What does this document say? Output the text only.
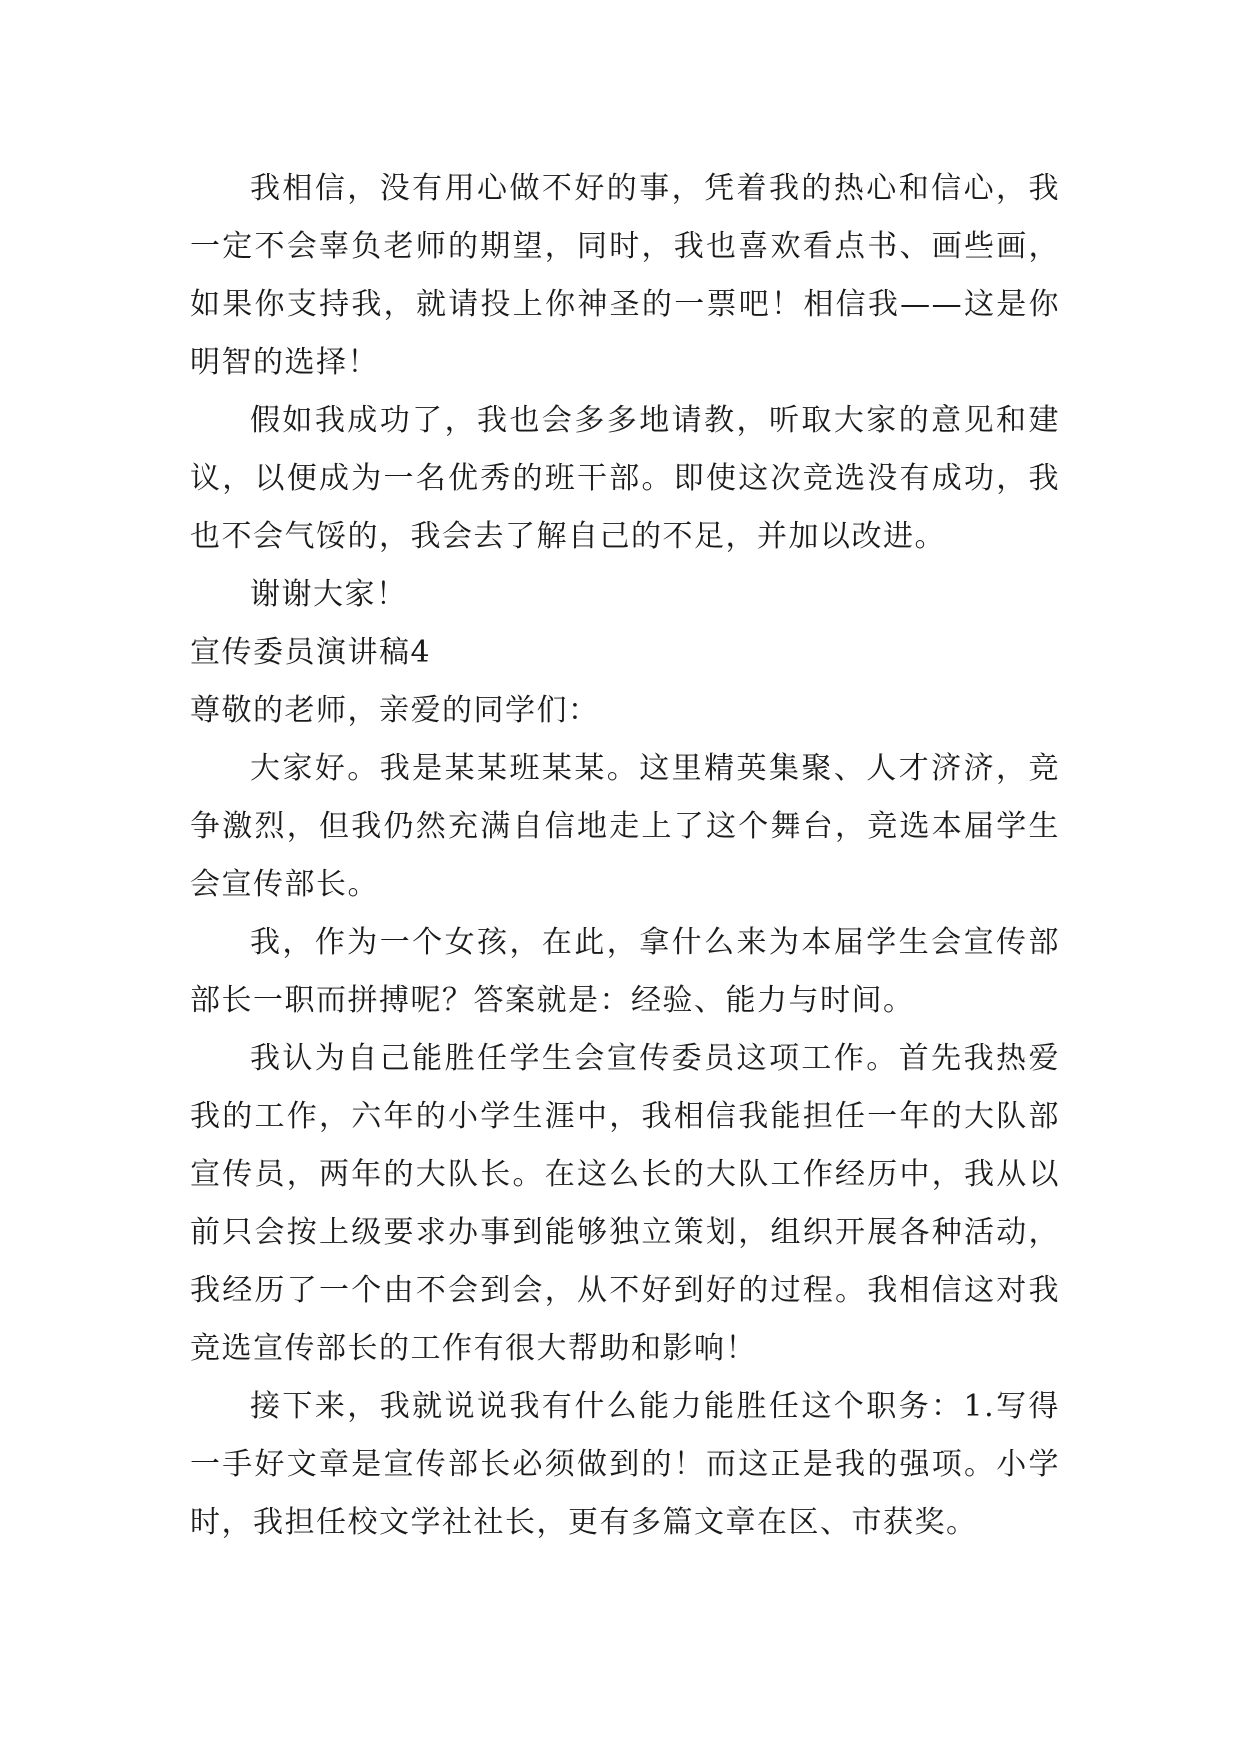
我相信，没有用心做不好的事，凭着我的热心和信心，我一定不会辜负老师的期望，同时，我也喜欢看点书、画些画，如果你支持我，就请投上你神圣的一票吧！相信我——这是你明智的选择！

假如我成功了，我也会多多地请教，听取大家的意见和建议，以便成为一名优秀的班干部。即使这次竞选没有成功，我也不会气馁的，我会去了解自己的不足，并加以改进。

谢谢大家！

宣传委员演讲稿4

尊敬的老师，亲爱的同学们：

大家好。我是某某班某某。这里精英集聚、人才济济，竞争激烈，但我仍然充满自信地走上了这个舞台，竞选本届学生会宣传部长。

我，作为一个女孩，在此，拿什么来为本届学生会宣传部部长一职而拼搏呢？答案就是：经验、能力与时间。

我认为自己能胜任学生会宣传委员这项工作。首先我热爱我的工作，六年的小学生涯中，我相信我能担任一年的大队部宣传员，两年的大队长。在这么长的大队工作经历中，我从以前只会按上级要求办事到能够独立策划，组织开展各种活动，我经历了一个由不会到会，从不好到好的过程。我相信这对我竞选宣传部长的工作有很大帮助和影响！

接下来，我就说说我有什么能力能胜任这个职务：1.写得一手好文章是宣传部长必须做到的！而这正是我的强项。小学时，我担任校文学社社长，更有多篇文章在区、市获奖。
